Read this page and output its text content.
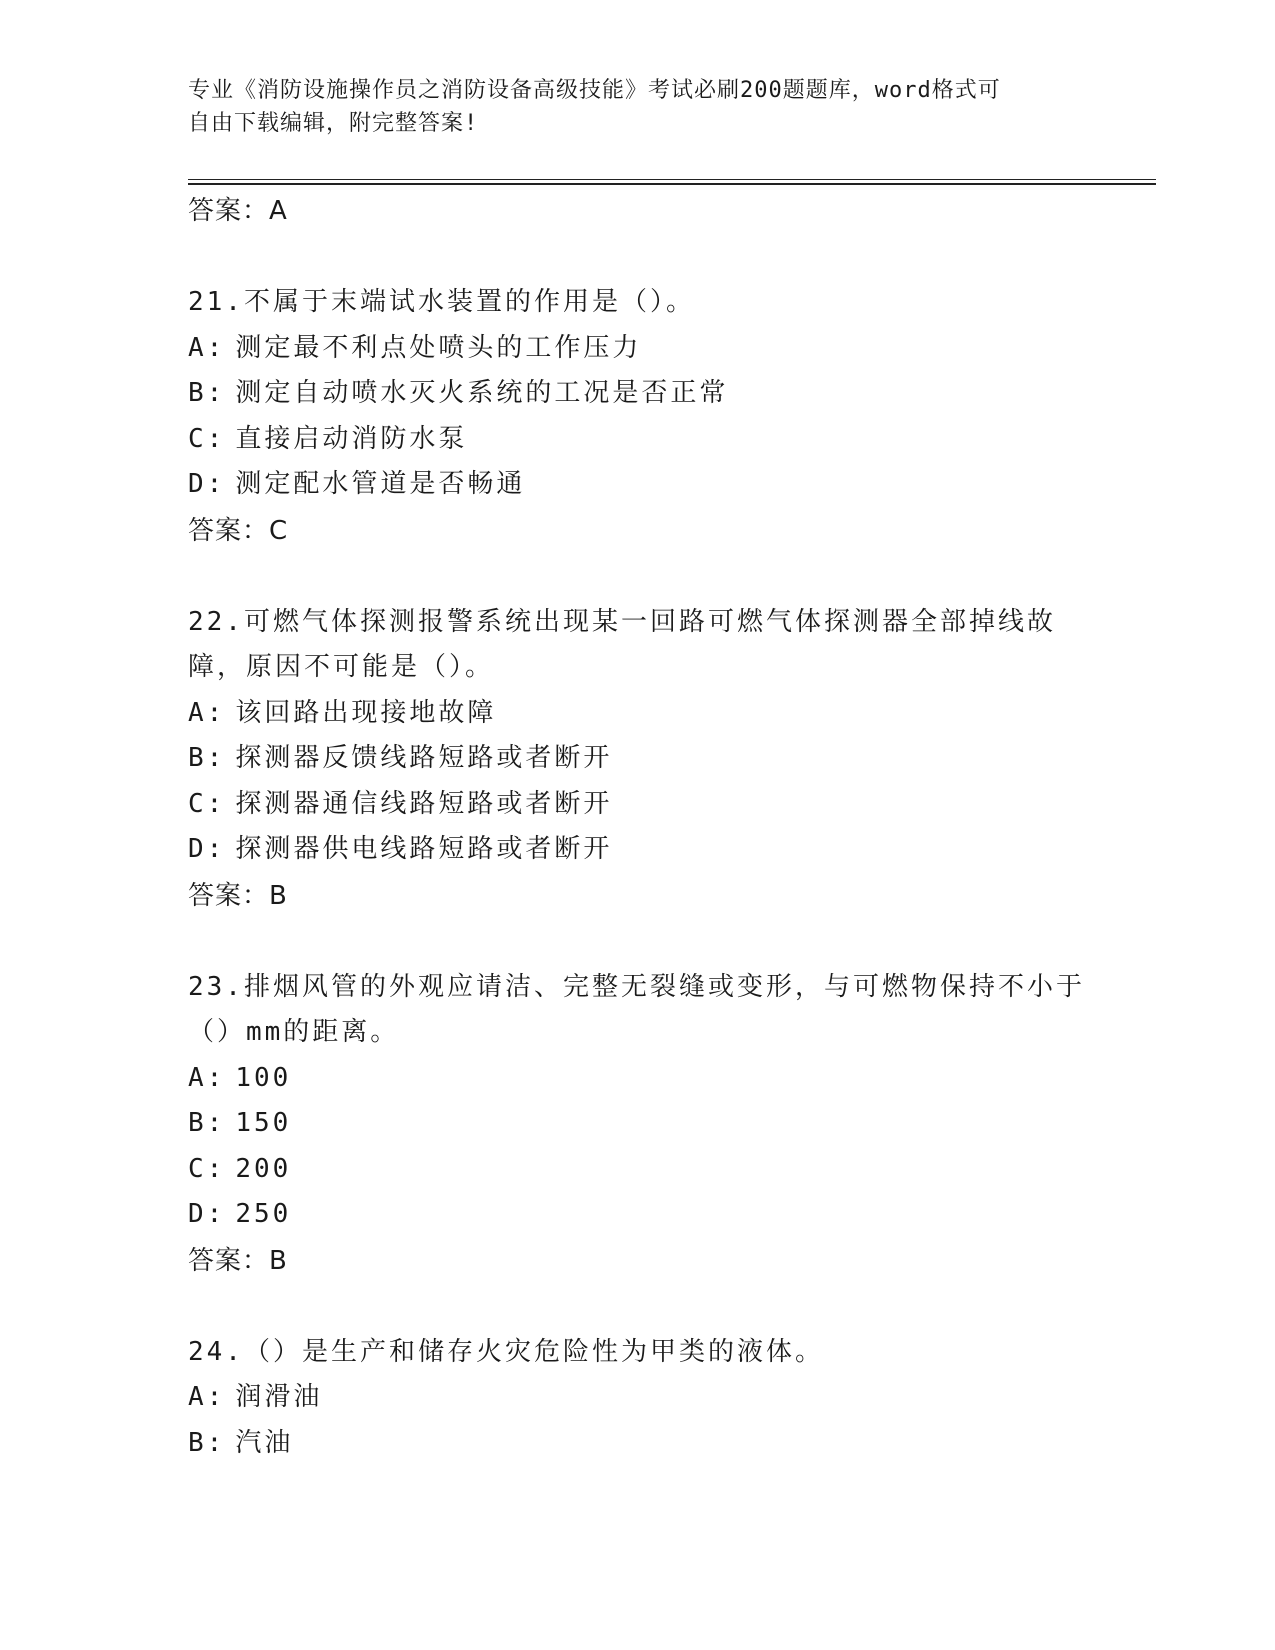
专业《消防设施操作员之消防设备高级技能》考试必刷200题题库，word格式可
自由下载编辑，附完整答案!
答案：A
21.不属于末端试水装置的作用是（）。
A: 测定最不利点处喷头的工作压力
B: 测定自动喷水灭火系统的工况是否正常
C: 直接启动消防水泵
D: 测定配水管道是否畅通
答案：C
22.可燃气体探测报警系统出现某一回路可燃气体探测器全部掉线故障，原因不可能是（）。
A: 该回路出现接地故障
B: 探测器反馈线路短路或者断开
C: 探测器通信线路短路或者断开
D: 探测器供电线路短路或者断开
答案：B
23.排烟风管的外观应请洁、完整无裂缝或变形，与可燃物保持不小于（）mm的距离。
A: 100
B: 150
C: 200
D: 250
答案：B
24.（）是生产和储存火灾危险性为甲类的液体。
A: 润滑油
B: 汽油
